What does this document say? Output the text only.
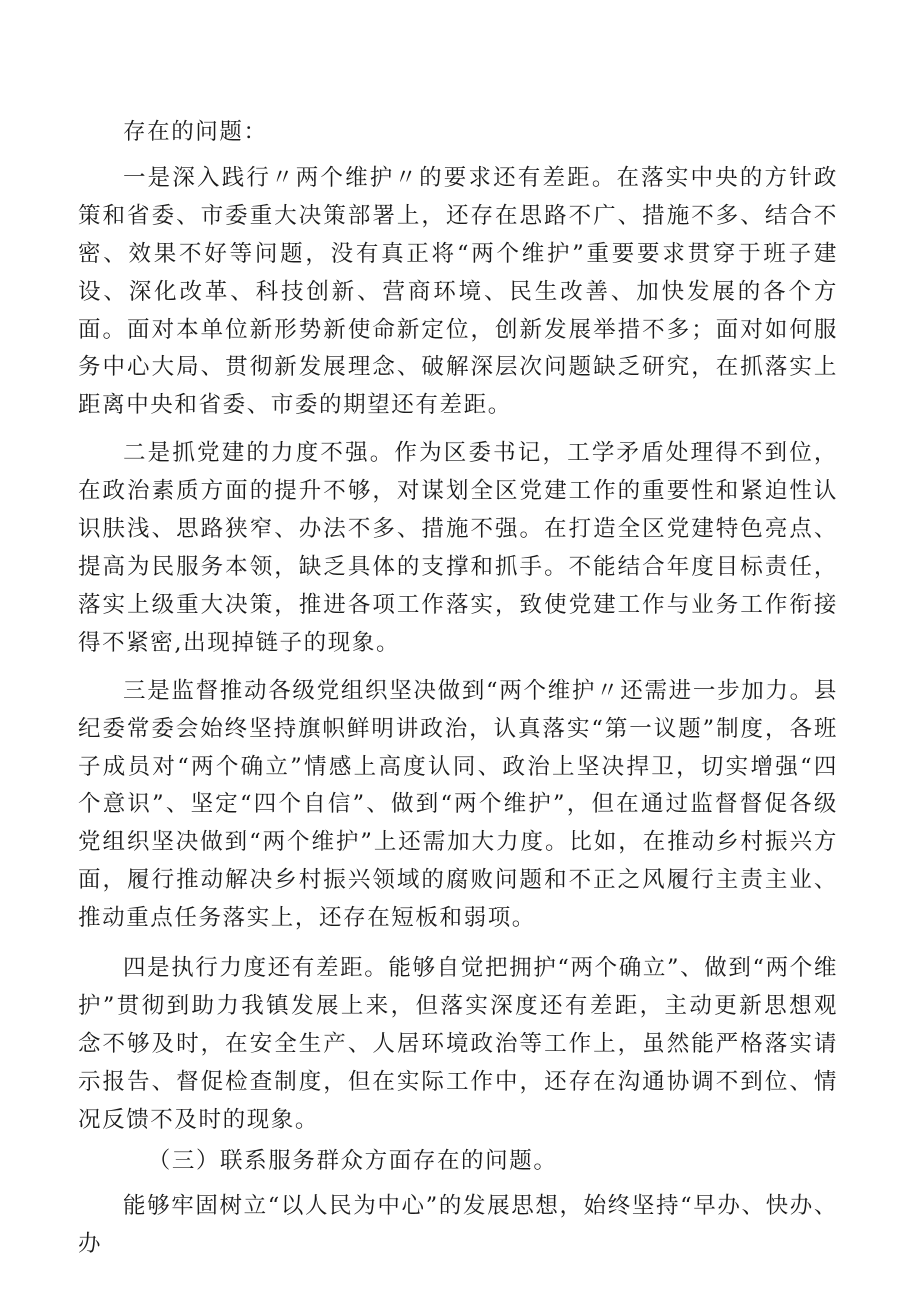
存在的问题：

一是深入践行〃两个维护〃的要求还有差距。在落实中央的方针政策和省委、市委重大决策部署上，还存在思路不广、措施不多、结合不密、效果不好等问题，没有真正将“两个维护”重要要求贯穿于班子建设、深化改革、科技创新、营商环境、民生改善、加快发展的各个方面。面对本单位新形势新使命新定位，创新发展举措不多；面对如何服务中心大局、贯彻新发展理念、破解深层次问题缺乏研究，在抓落实上距离中央和省委、市委的期望还有差距。

二是抓党建的力度不强。作为区委书记，工学矛盾处理得不到位，在政治素质方面的提升不够，对谋划全区党建工作的重要性和紧迫性认识肤浅、思路狭窄、办法不多、措施不强。在打造全区党建特色亮点、提高为民服务本领，缺乏具体的支撑和抓手。不能结合年度目标责任，落实上级重大决策，推进各项工作落实，致使党建工作与业务工作衔接得不紧密,出现掉链子的现象。

三是监督推动各级党组织坚决做到“两个维护〃还需进一步加力。县纪委常委会始终坚持旗帜鲜明讲政治，认真落实“第一议题”制度，各班子成员对“两个确立”情感上高度认同、政治上坚决捍卫，切实增强“四个意识”、坚定“四个自信”、做到“两个维护”，但在通过监督督促各级党组织坚决做到“两个维护”上还需加大力度。比如，在推动乡村振兴方面，履行推动解决乡村振兴领域的腐败问题和不正之风履行主责主业、推动重点任务落实上，还存在短板和弱项。

四是执行力度还有差距。能够自觉把拥护“两个确立”、做到“两个维护”贯彻到助力我镇发展上来，但落实深度还有差距，主动更新思想观念不够及时，在安全生产、人居环境政治等工作上，虽然能严格落实请示报告、督促检查制度，但在实际工作中，还存在沟通协调不到位、情况反馈不及时的现象。

（三）联系服务群众方面存在的问题。

能够牢固树立“以人民为中心”的发展思想，始终坚持“早办、快办、办
